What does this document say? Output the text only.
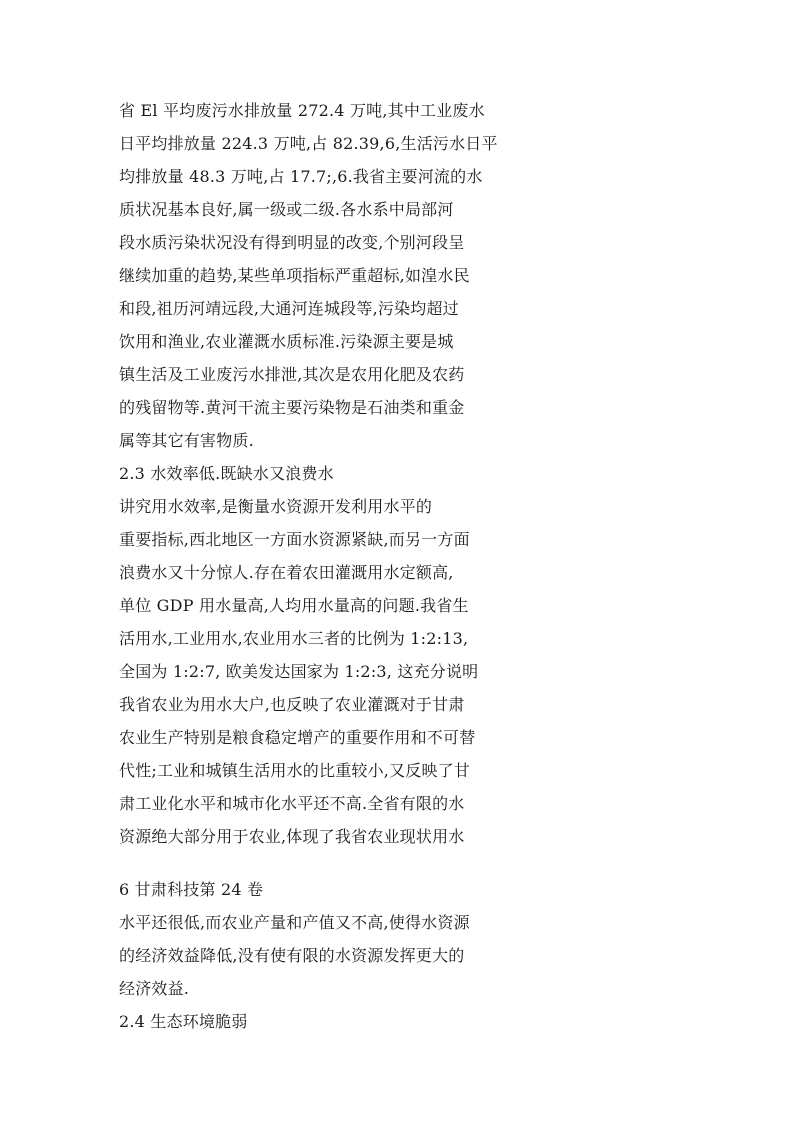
省 El 平均废污水排放量 272.4 万吨,其中工业废水
日平均排放量 224.3 万吨,占 82.39,6,生活污水日平
均排放量 48.3 万吨,占 17.7;,6.我省主要河流的水
质状况基本良好,属一级或二级.各水系中局部河
段水质污染状况没有得到明显的改变,个别河段呈
继续加重的趋势,某些单项指标严重超标,如湟水民
和段,祖历河靖远段,大通河连城段等,污染均超过
饮用和渔业,农业灌溉水质标准.污染源主要是城
镇生活及工业废污水排泄,其次是农用化肥及农药
的残留物等.黄河干流主要污染物是石油类和重金
属等其它有害物质.
2.3 水效率低.既缺水又浪费水
讲究用水效率,是衡量水资源开发利用水平的
重要指标,西北地区一方面水资源紧缺,而另一方面
浪费水又十分惊人.存在着农田灌溉用水定额高,
单位 GDP 用水量高,人均用水量高的问题.我省生
活用水,工业用水,农业用水三者的比例为 1:2:13,
全国为 1:2:7, 欧美发达国家为 1:2:3, 这充分说明
我省农业为用水大户,也反映了农业灌溉对于甘肃
农业生产特别是粮食稳定增产的重要作用和不可替
代性;工业和城镇生活用水的比重较小,又反映了甘
肃工业化水平和城市化水平还不高.全省有限的水
资源绝大部分用于农业,体现了我省农业现状用水
6 甘肃科技第 24 卷
水平还很低,而农业产量和产值又不高,使得水资源
的经济效益降低,没有使有限的水资源发挥更大的
经济效益.
2.4 生态环境脆弱
